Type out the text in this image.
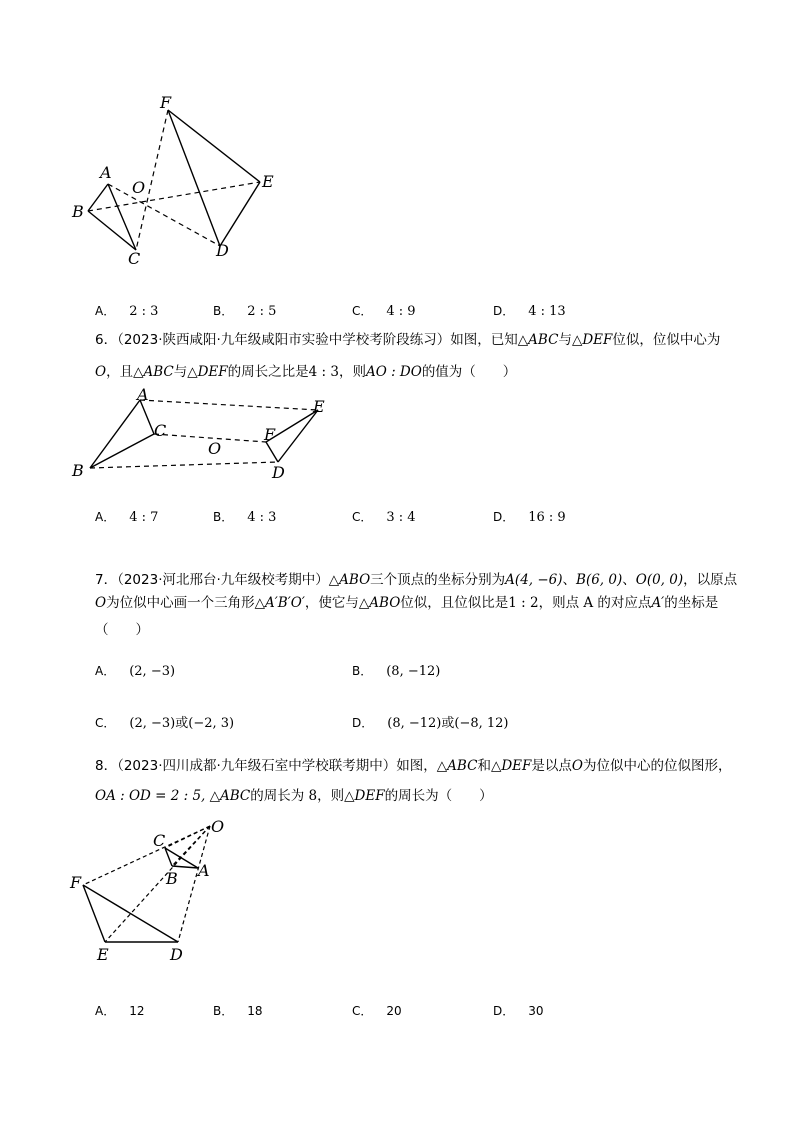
F
A
O	E
B
C	D
A． 2 : 3	B． 2 : 5	C． 4 : 9	D． 4 : 13
6．（2023·陕西咸阳·九年级咸阳市实验中学校考阶段练习）如图，已知△ABC与△DEF位似，位似中心为
O，且△ABC与△DEF的周长之比是4 : 3，则AO : DO的值为（　　）
A
C
O
E
F
B	D
A． 4 : 7	B． 4 : 3	C． 3 : 4	D． 16 : 9
7．（2023·河北邢台·九年级校考期中）△ABO三个顶点的坐标分别为A(4, −6)、B(6, 0)、O(0, 0)，以原点
O为位似中心画一个三角形△A′B′O′，使它与△ABO位似，且位似比是1 : 2，则点 A 的对应点A′的坐标是
（　　）
A． (2, −3)	B． (8, −12)
C． (2, −3)或(−2, 3)	D． (8, −12)或(−8, 12)
8．（2023·四川成都·九年级石室中学校联考期中）如图，△ABC和△DEF是以点O为位似中心的位似图形，
OA : OD = 2 : 5, △ABC的周长为 8，则△DEF的周长为（　　）
O
C
B A
F
E	D
A． 12	B． 18	C． 20	D． 30
